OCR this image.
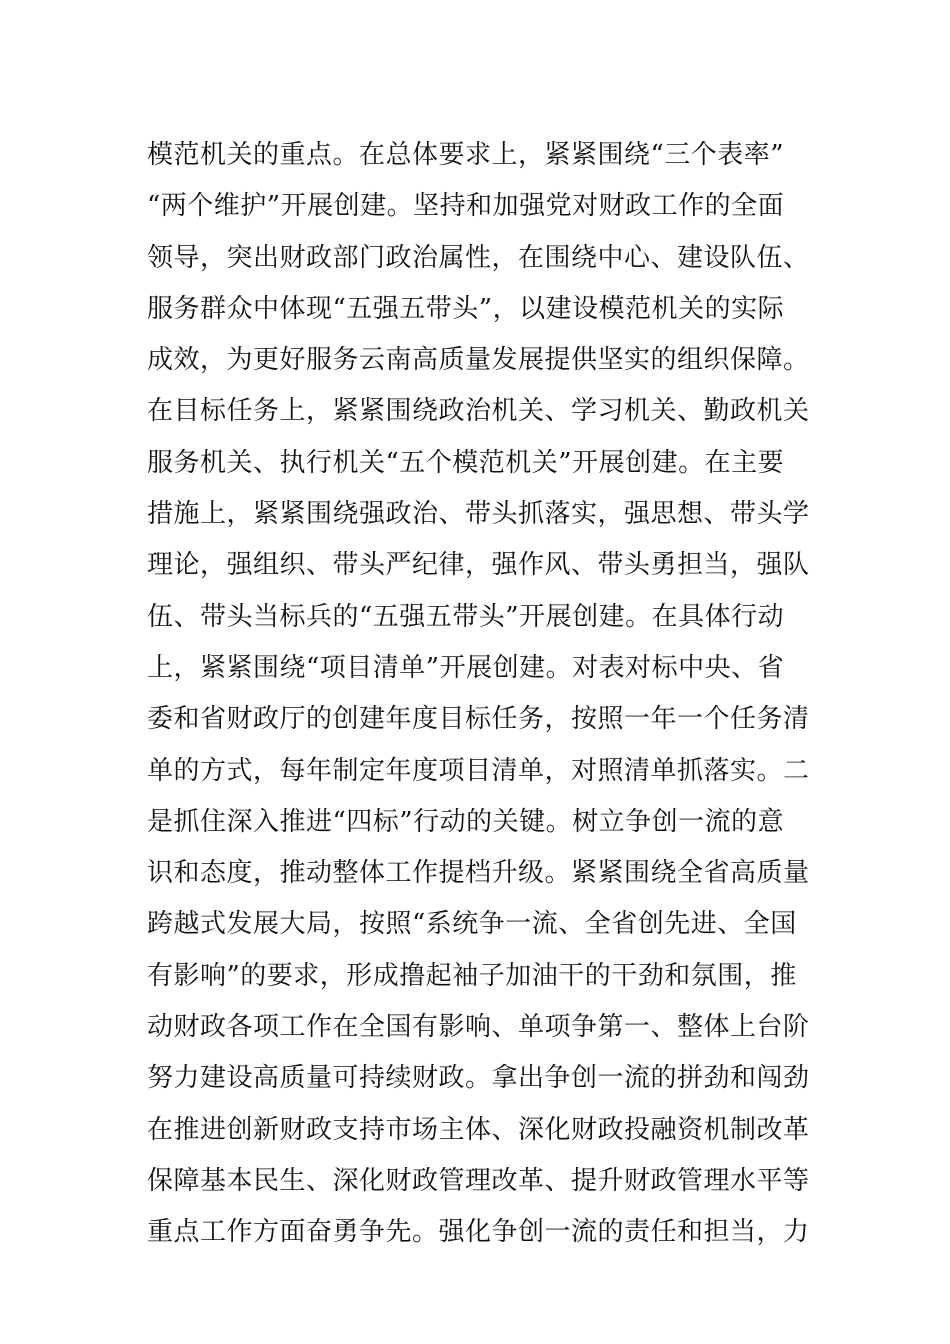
模范机关的重点。在总体要求上，紧紧围绕“三个表率”
“两个维护”开展创建。坚持和加强党对财政工作的全面
领导，突出财政部门政治属性，在围绕中心、建设队伍、
服务群众中体现“五强五带头”，以建设模范机关的实际
成效，为更好服务云南高质量发展提供坚实的组织保障。
在目标任务上，紧紧围绕政治机关、学习机关、勤政机关
服务机关、执行机关“五个模范机关”开展创建。在主要
措施上，紧紧围绕强政治、带头抓落实，强思想、带头学
理论，强组织、带头严纪律，强作风、带头勇担当，强队
伍、带头当标兵的“五强五带头”开展创建。在具体行动
上，紧紧围绕“项目清单”开展创建。对表对标中央、省
委和省财政厅的创建年度目标任务，按照一年一个任务清
单的方式，每年制定年度项目清单，对照清单抓落实。二
是抓住深入推进“四标”行动的关键。树立争创一流的意
识和态度，推动整体工作提档升级。紧紧围绕全省高质量
跨越式发展大局，按照“系统争一流、全省创先进、全国
有影响”的要求，形成撸起袖子加油干的干劲和氛围，推
动财政各项工作在全国有影响、单项争第一、整体上台阶
努力建设高质量可持续财政。拿出争创一流的拼劲和闯劲
在推进创新财政支持市场主体、深化财政投融资机制改革
保障基本民生、深化财政管理改革、提升财政管理水平等
重点工作方面奋勇争先。强化争创一流的责任和担当，力
